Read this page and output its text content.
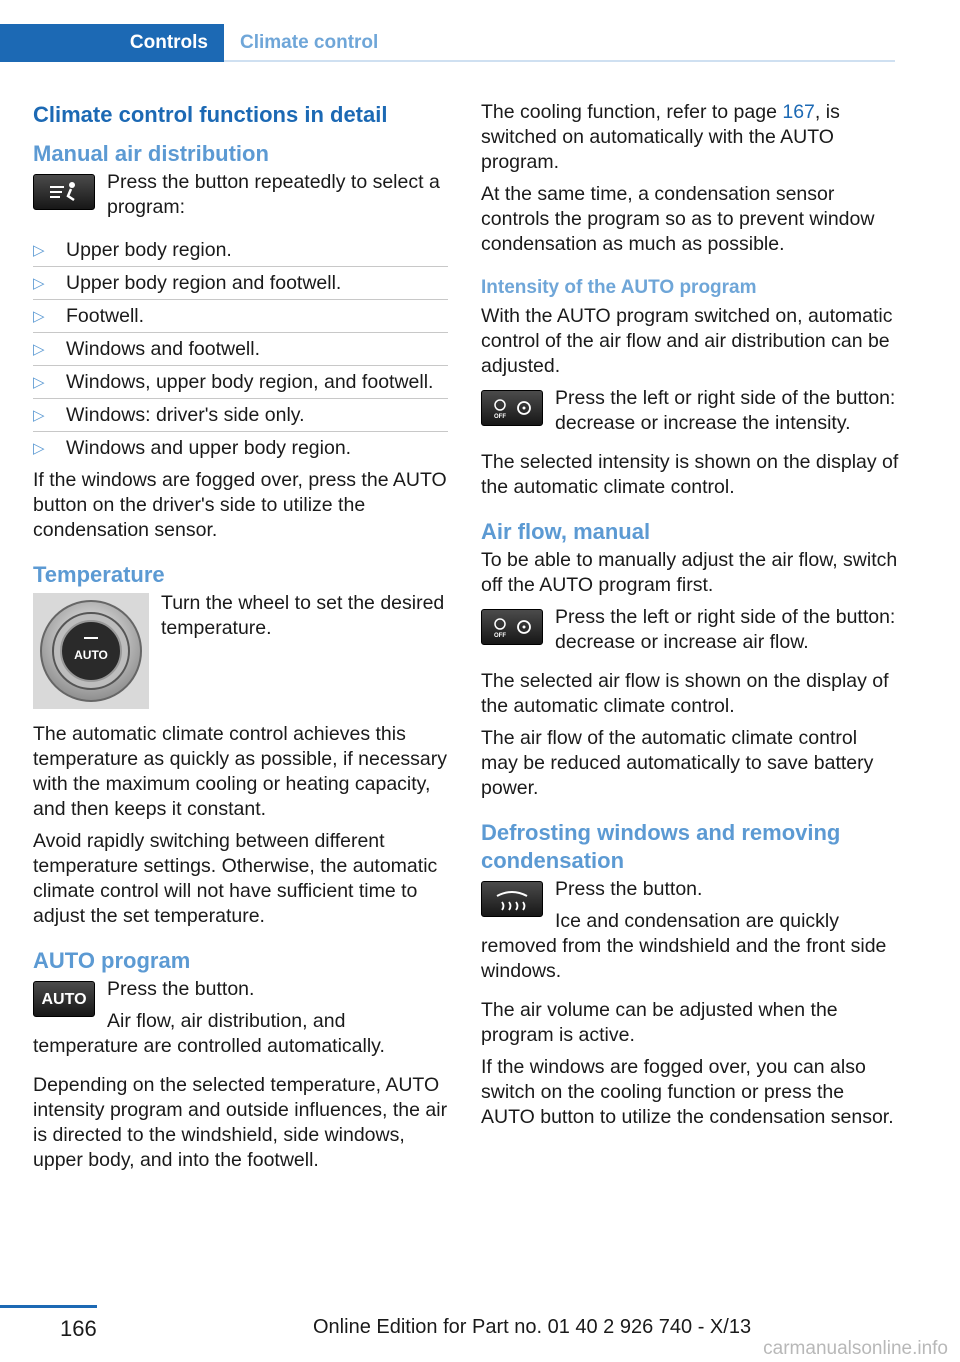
Controls	Climate control
Climate control functions in detail
Manual air distribution

Press the button repeatedly to select a program:

▷ Upper body region.
▷ Upper body region and footwell.
▷ Footwell.
▷ Windows and footwell.
▷ Windows, upper body region, and footwell.
▷ Windows: driver's side only.
▷ Windows and upper body region.

If the windows are fogged over, press the AUTO button on the driver's side to utilize the condensation sensor.

Temperature
AUTO

Turn the wheel to set the desired temperature.

The automatic climate control achieves this temperature as quickly as possible, if necessary with the maximum cooling or heating capacity, and then keeps it constant.

Avoid rapidly switching between different temperature settings. Otherwise, the automatic climate control will not have sufficient time to adjust the set temperature.

AUTO program
AUTO	Press the button.

Air flow, air distribution, and temperature are controlled automatically.

Depending on the selected temperature, AUTO intensity program and outside influences, the air is directed to the windshield, side windows, upper body, and into the footwell.

The cooling function, refer to page 167, is switched on automatically with the AUTO program.

At the same time, a condensation sensor controls the program so as to prevent window condensation as much as possible.

Intensity of the AUTO program

With the AUTO program switched on, automatic control of the air flow and air distribution can be adjusted.

OFF

Press the left or right side of the button: decrease or increase the intensity.

The selected intensity is shown on the display of the automatic climate control.

Air flow, manual

To be able to manually adjust the air flow, switch off the AUTO program first.

OFF

Press the left or right side of the button: decrease or increase air flow.

The selected air flow is shown on the display of the automatic climate control.

The air flow of the automatic climate control may be reduced automatically to save battery power.

Defrosting windows and removing condensation

Press the button.

Ice and condensation are quickly removed from the windshield and the front side windows.

The air volume can be adjusted when the program is active.

If the windows are fogged over, you can also switch on the cooling function or press the AUTO button to utilize the condensation sensor.

166	Online Edition for Part no. 01 40 2 926 740 - X/13
carmanualsonline.info
